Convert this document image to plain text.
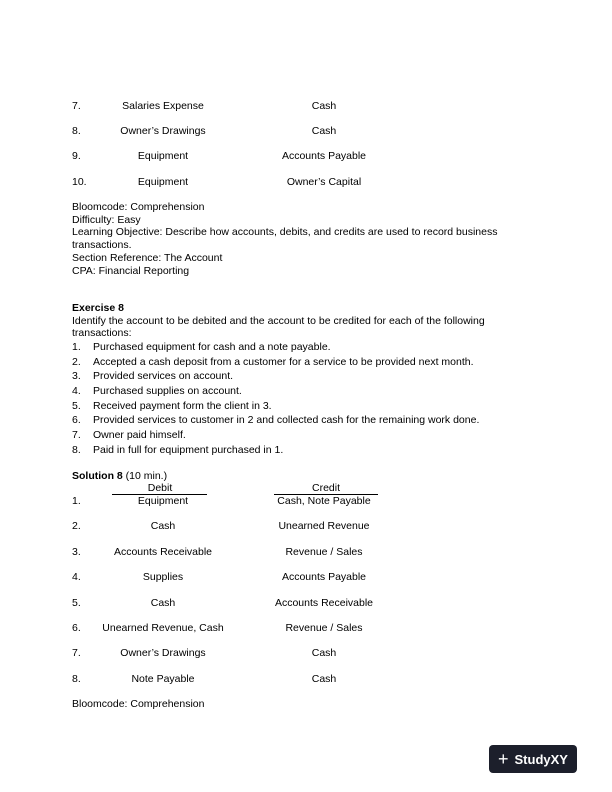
7.	Salaries Expense	Cash
8.	Owner’s Drawings	Cash
9.	Equipment	Accounts Payable
10.	Equipment	Owner’s Capital
Bloomcode: Comprehension
Difficulty: Easy
Learning Objective: Describe how accounts, debits, and credits are used to record business transactions.
Section Reference: The Account
CPA: Financial Reporting
Exercise 8
Identify the account to be debited and the account to be credited for each of the following transactions:
1. Purchased equipment for cash and a note payable.
2. Accepted a cash deposit from a customer for a service to be provided next month.
3. Provided services on account.
4. Purchased supplies on account.
5. Received payment form the client in 3.
6. Provided services to customer in 2 and collected cash for the remaining work done.
7. Owner paid himself.
8. Paid in full for equipment purchased in 1.
Solution 8 (10 min.)
Debit	Credit
1.	Equipment	Cash, Note Payable
2.	Cash	Unearned Revenue
3.	Accounts Receivable	Revenue / Sales
4.	Supplies	Accounts Payable
5.	Cash	Accounts Receivable
6.	Unearned Revenue, Cash	Revenue / Sales
7.	Owner’s Drawings	Cash
8.	Note Payable	Cash
Bloomcode: Comprehension
+ StudyXY
